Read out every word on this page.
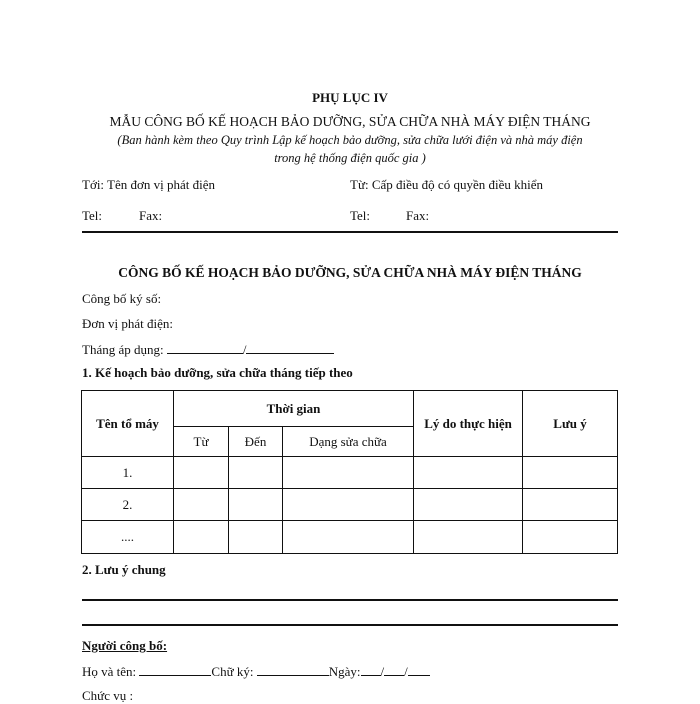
PHỤ LỤC IV
MẪU CÔNG BỐ KẾ HOẠCH BẢO DƯỠNG, SỬA CHỮA NHÀ MÁY ĐIỆN THÁNG
(Ban hành kèm theo Quy trình Lập kế hoạch bảo dưỡng, sửa chữa lưới điện và nhà máy điện
trong hệ thống điện quốc gia )
Tới: Tên đơn vị phát điện	Từ: Cấp điều độ có quyền điều khiển
Tel:	Fax:	Tel:	Fax:
CÔNG BỐ KẾ HOẠCH BẢO DƯỠNG, SỬA CHỮA NHÀ MÁY ĐIỆN THÁNG
Công bố ký số:
Đơn vị phát điện:
Tháng áp dụng:	/
1. Kế hoạch bảo dưỡng, sửa chữa tháng tiếp theo
Tên tổ máy	Thời gian			Lý do thực hiện	Lưu ý
	Từ	Đến	Dạng sửa chữa		
1.					
2.					
....					
2. Lưu ý chung
Người công bố:
Họ và tên:	Chữ ký:	Ngày: / /
Chức vụ :
